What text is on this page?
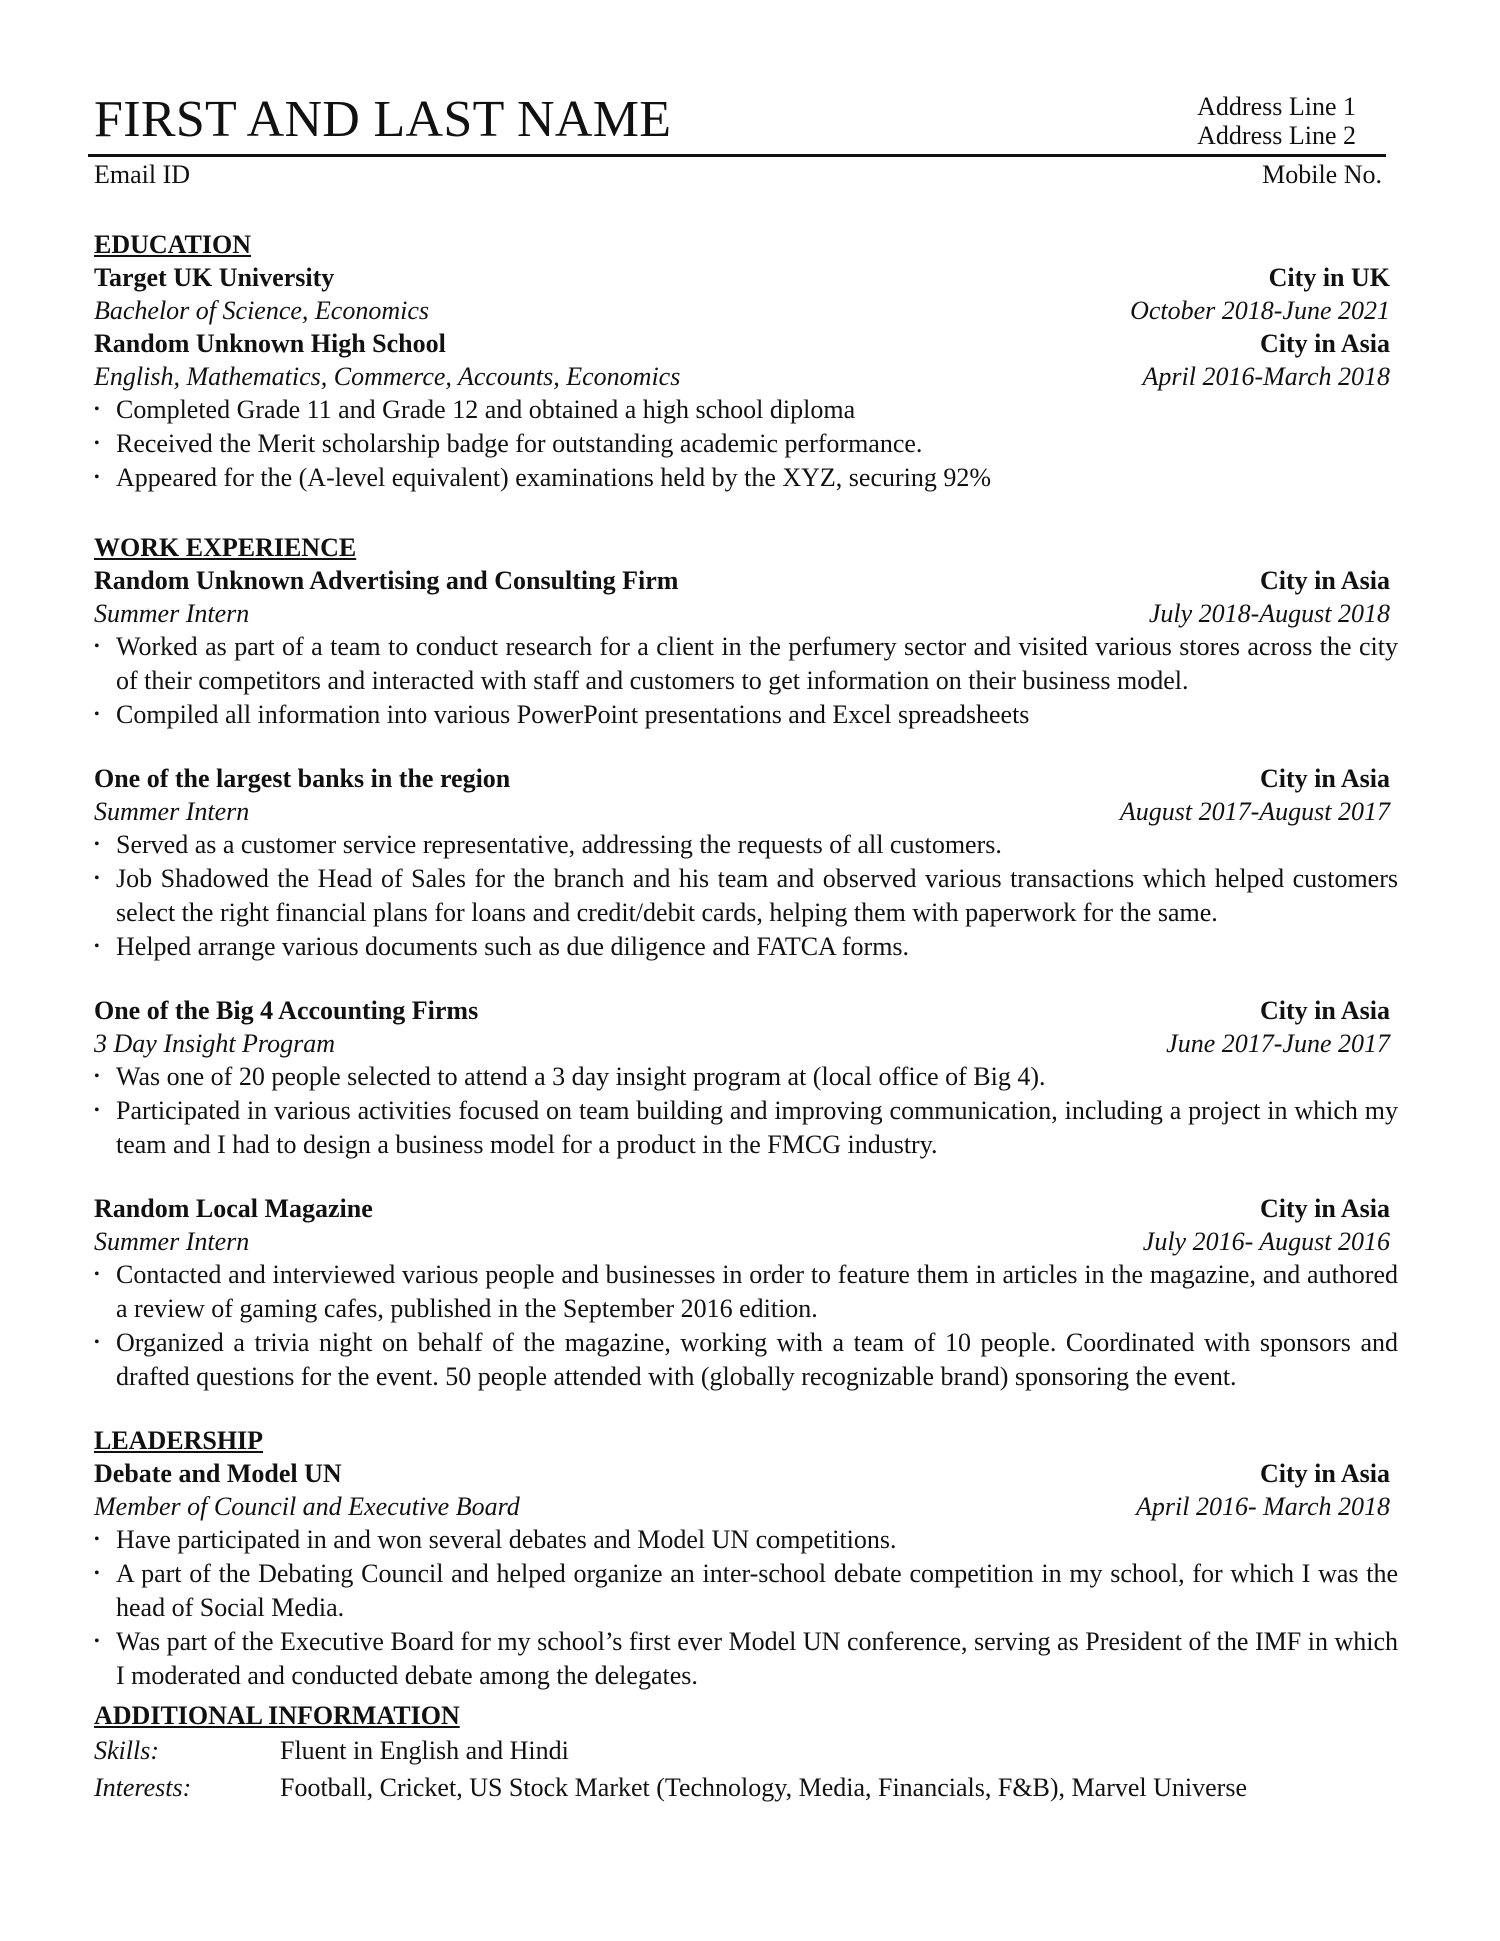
FIRST AND LAST NAME	Address Line 1
Address Line 2
Email ID	Mobile No.
EDUCATION
Target UK University	City in UK
Bachelor of Science, Economics	October 2018-June 2021
Random Unknown High School	City in Asia
English, Mathematics, Commerce, Accounts, Economics	April 2016-March 2018
• Completed Grade 11 and Grade 12 and obtained a high school diploma
• Received the Merit scholarship badge for outstanding academic performance.
• Appeared for the (A-level equivalent) examinations held by the XYZ, securing 92%
WORK EXPERIENCE
Random Unknown Advertising and Consulting Firm	City in Asia
Summer Intern	July 2018-August 2018
• Worked as part of a team to conduct research for a client in the perfumery sector and visited various stores across the city of their competitors and interacted with staff and customers to get information on their business model.
• Compiled all information into various PowerPoint presentations and Excel spreadsheets
One of the largest banks in the region	City in Asia
Summer Intern	August 2017-August 2017
• Served as a customer service representative, addressing the requests of all customers.
• Job Shadowed the Head of Sales for the branch and his team and observed various transactions which helped customers select the right financial plans for loans and credit/debit cards, helping them with paperwork for the same.
• Helped arrange various documents such as due diligence and FATCA forms.
One of the Big 4 Accounting Firms	City in Asia
3 Day Insight Program	June 2017-June 2017
• Was one of 20 people selected to attend a 3 day insight program at (local office of Big 4).
• Participated in various activities focused on team building and improving communication, including a project in which my team and I had to design a business model for a product in the FMCG industry.
Random Local Magazine	City in Asia
Summer Intern	July 2016- August 2016
• Contacted and interviewed various people and businesses in order to feature them in articles in the magazine, and authored a review of gaming cafes, published in the September 2016 edition.
• Organized a trivia night on behalf of the magazine, working with a team of 10 people. Coordinated with sponsors and drafted questions for the event. 50 people attended with (globally recognizable brand) sponsoring the event.
LEADERSHIP
Debate and Model UN	City in Asia
Member of Council and Executive Board	April 2016- March 2018
• Have participated in and won several debates and Model UN competitions.
• A part of the Debating Council and helped organize an inter-school debate competition in my school, for which I was the head of Social Media.
• Was part of the Executive Board for my school’s first ever Model UN conference, serving as President of the IMF in which I moderated and conducted debate among the delegates.
ADDITIONAL INFORMATION
Skills:	Fluent in English and Hindi
Interests:	Football, Cricket, US Stock Market (Technology, Media, Financials, F&B), Marvel Universe
